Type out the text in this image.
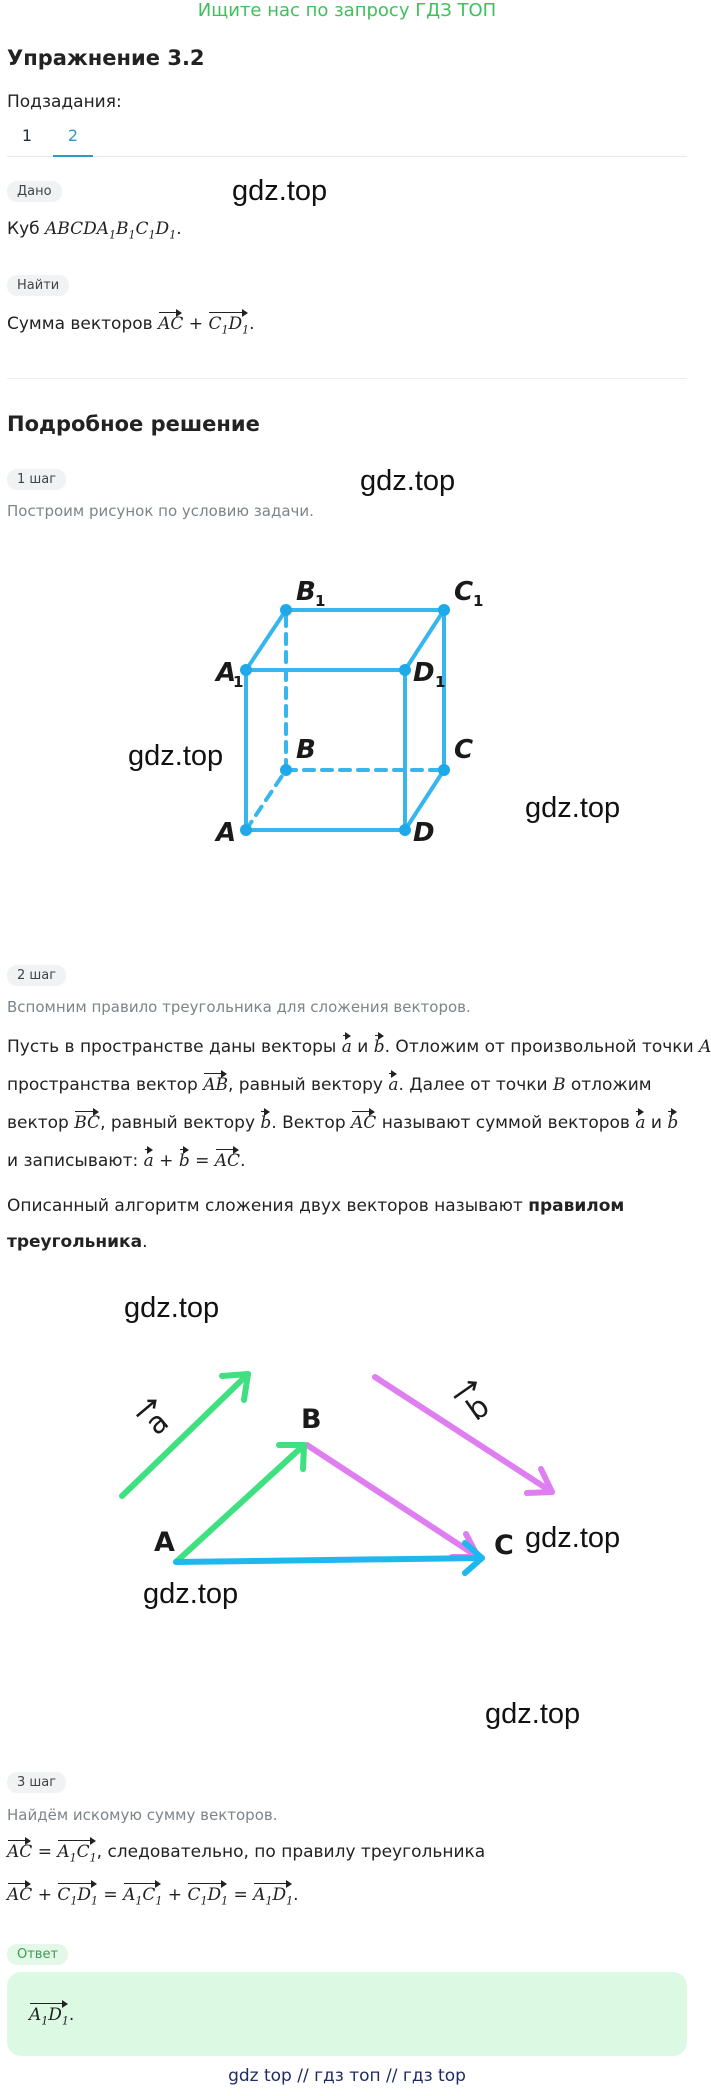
Ищите нас по запросу ГДЗ ТОП
Упражнение 3.2
Подзадания:
1	2
Дано	gdz.top
Куб $ABCDA_1B_1C_1D_1$.
Найти
Сумма векторов AC + $C_1D_1$.
Подробное решение
1 шаг	gdz.top
Построим рисунок по условию задачи.
A	D
C
B
A	D
C
B
1	1
1
1
gdz.top
gdz.top
2 шаг
Вспомним правило треугольника для сложения векторов.
Пусть в пространстве даны векторы a и b. Отложим от произвольной точки A
пространства вектор AB, равный вектору a. Далее от точки B отложим
вектор BC, равный вектору b. Вектор AC называют суммой векторов a и b
и записывают: a + b = AC.
Описанный алгоритм сложения двух векторов называют правилом
треугольника.
gdz.top
A
B
C
a	b
gdz.top
gdz.top
gdz.top
3 шаг
Найдём искомую сумму векторов.
AC = $A_1C_1$, следовательно, по правилу треугольника
AC + $C_1D_1 = A_1C_1 + C_1D_1 = A_1D_1$.
Ответ
$A_1D_1$.
gdz top // гдз топ // гдз top
